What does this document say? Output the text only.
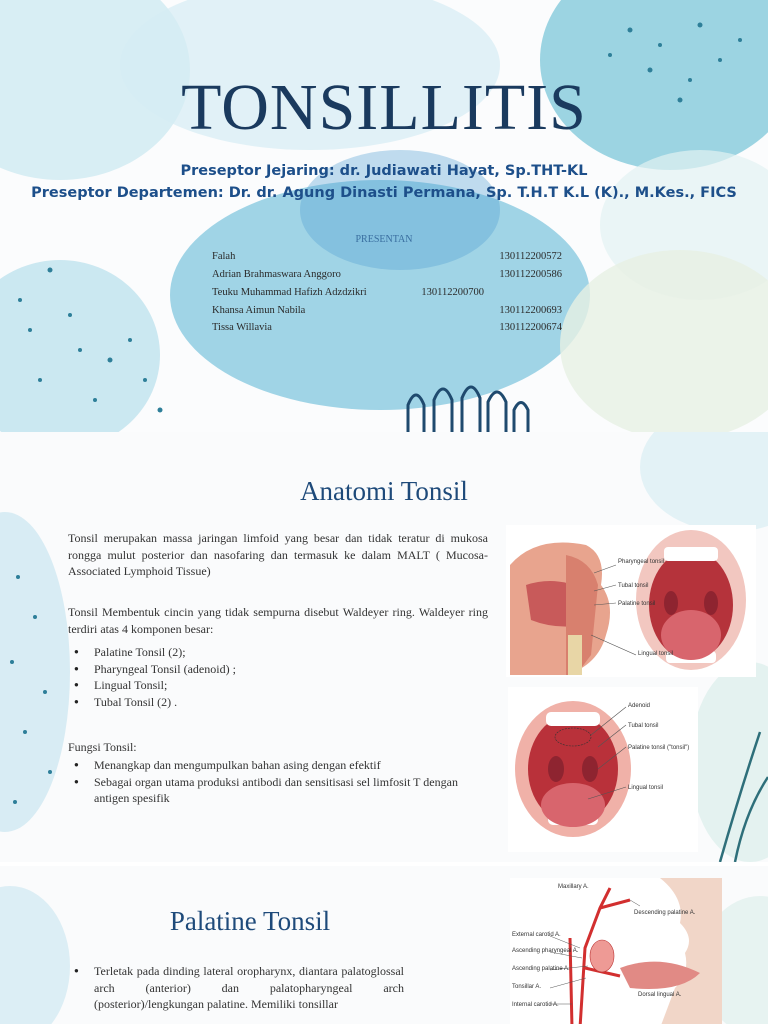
TONSILLITIS
Preseptor Jejaring: dr. Judiawati Hayat, Sp.THT-KL
Preseptor Departemen: Dr. dr. Agung Dinasti Permana, Sp. T.H.T K.L (K)., M.Kes., FICS
PRESENTAN
Falah	130112200572
Adrian Brahmaswara Anggoro	130112200586
Teuku Muhammad Hafizh Adzdzikri	130112200700
Khansa Aimun Nabila	130112200693
Tissa Willavia	130112200674
Anatomi Tonsil
Tonsil merupakan massa jaringan limfoid yang besar dan tidak teratur di mukosa rongga mulut posterior dan nasofaring dan termasuk ke dalam MALT ( Mucosa-Associated Lymphoid Tissue)
Tonsil Membentuk cincin yang tidak sempurna disebut Waldeyer ring. Waldeyer ring terdiri atas 4 komponen besar:
● Palatine Tonsil (2);
● Pharyngeal Tonsil (adenoid) ;
● Lingual Tonsil;
● Tubal Tonsil (2) .
Fungsi Tonsil:
● Menangkap dan mengumpulkan bahan asing dengan efektif
● Sebagai organ utama produksi antibodi dan sensitisasi sel limfosit T dengan antigen spesifik
Pharyngeal tonsil
Tubal tonsil
Palatine tonsil
Lingual tonsil
Adenoid
Tubal tonsil
Palatine tonsil ("tonsil")
Lingual tonsil
Palatine Tonsil
● Terletak pada dinding lateral oropharynx, diantara palatoglossal arch (anterior) dan palatopharyngeal arch (posterior)/lengkungan palatine. Memiliki tonsillar
Maxillary A.
Descending palatine A.
External carotid A.
Ascending pharyngeal A.
Ascending palatine A.
Tonsillar A.
Dorsal lingual A.
Internal carotid A.
